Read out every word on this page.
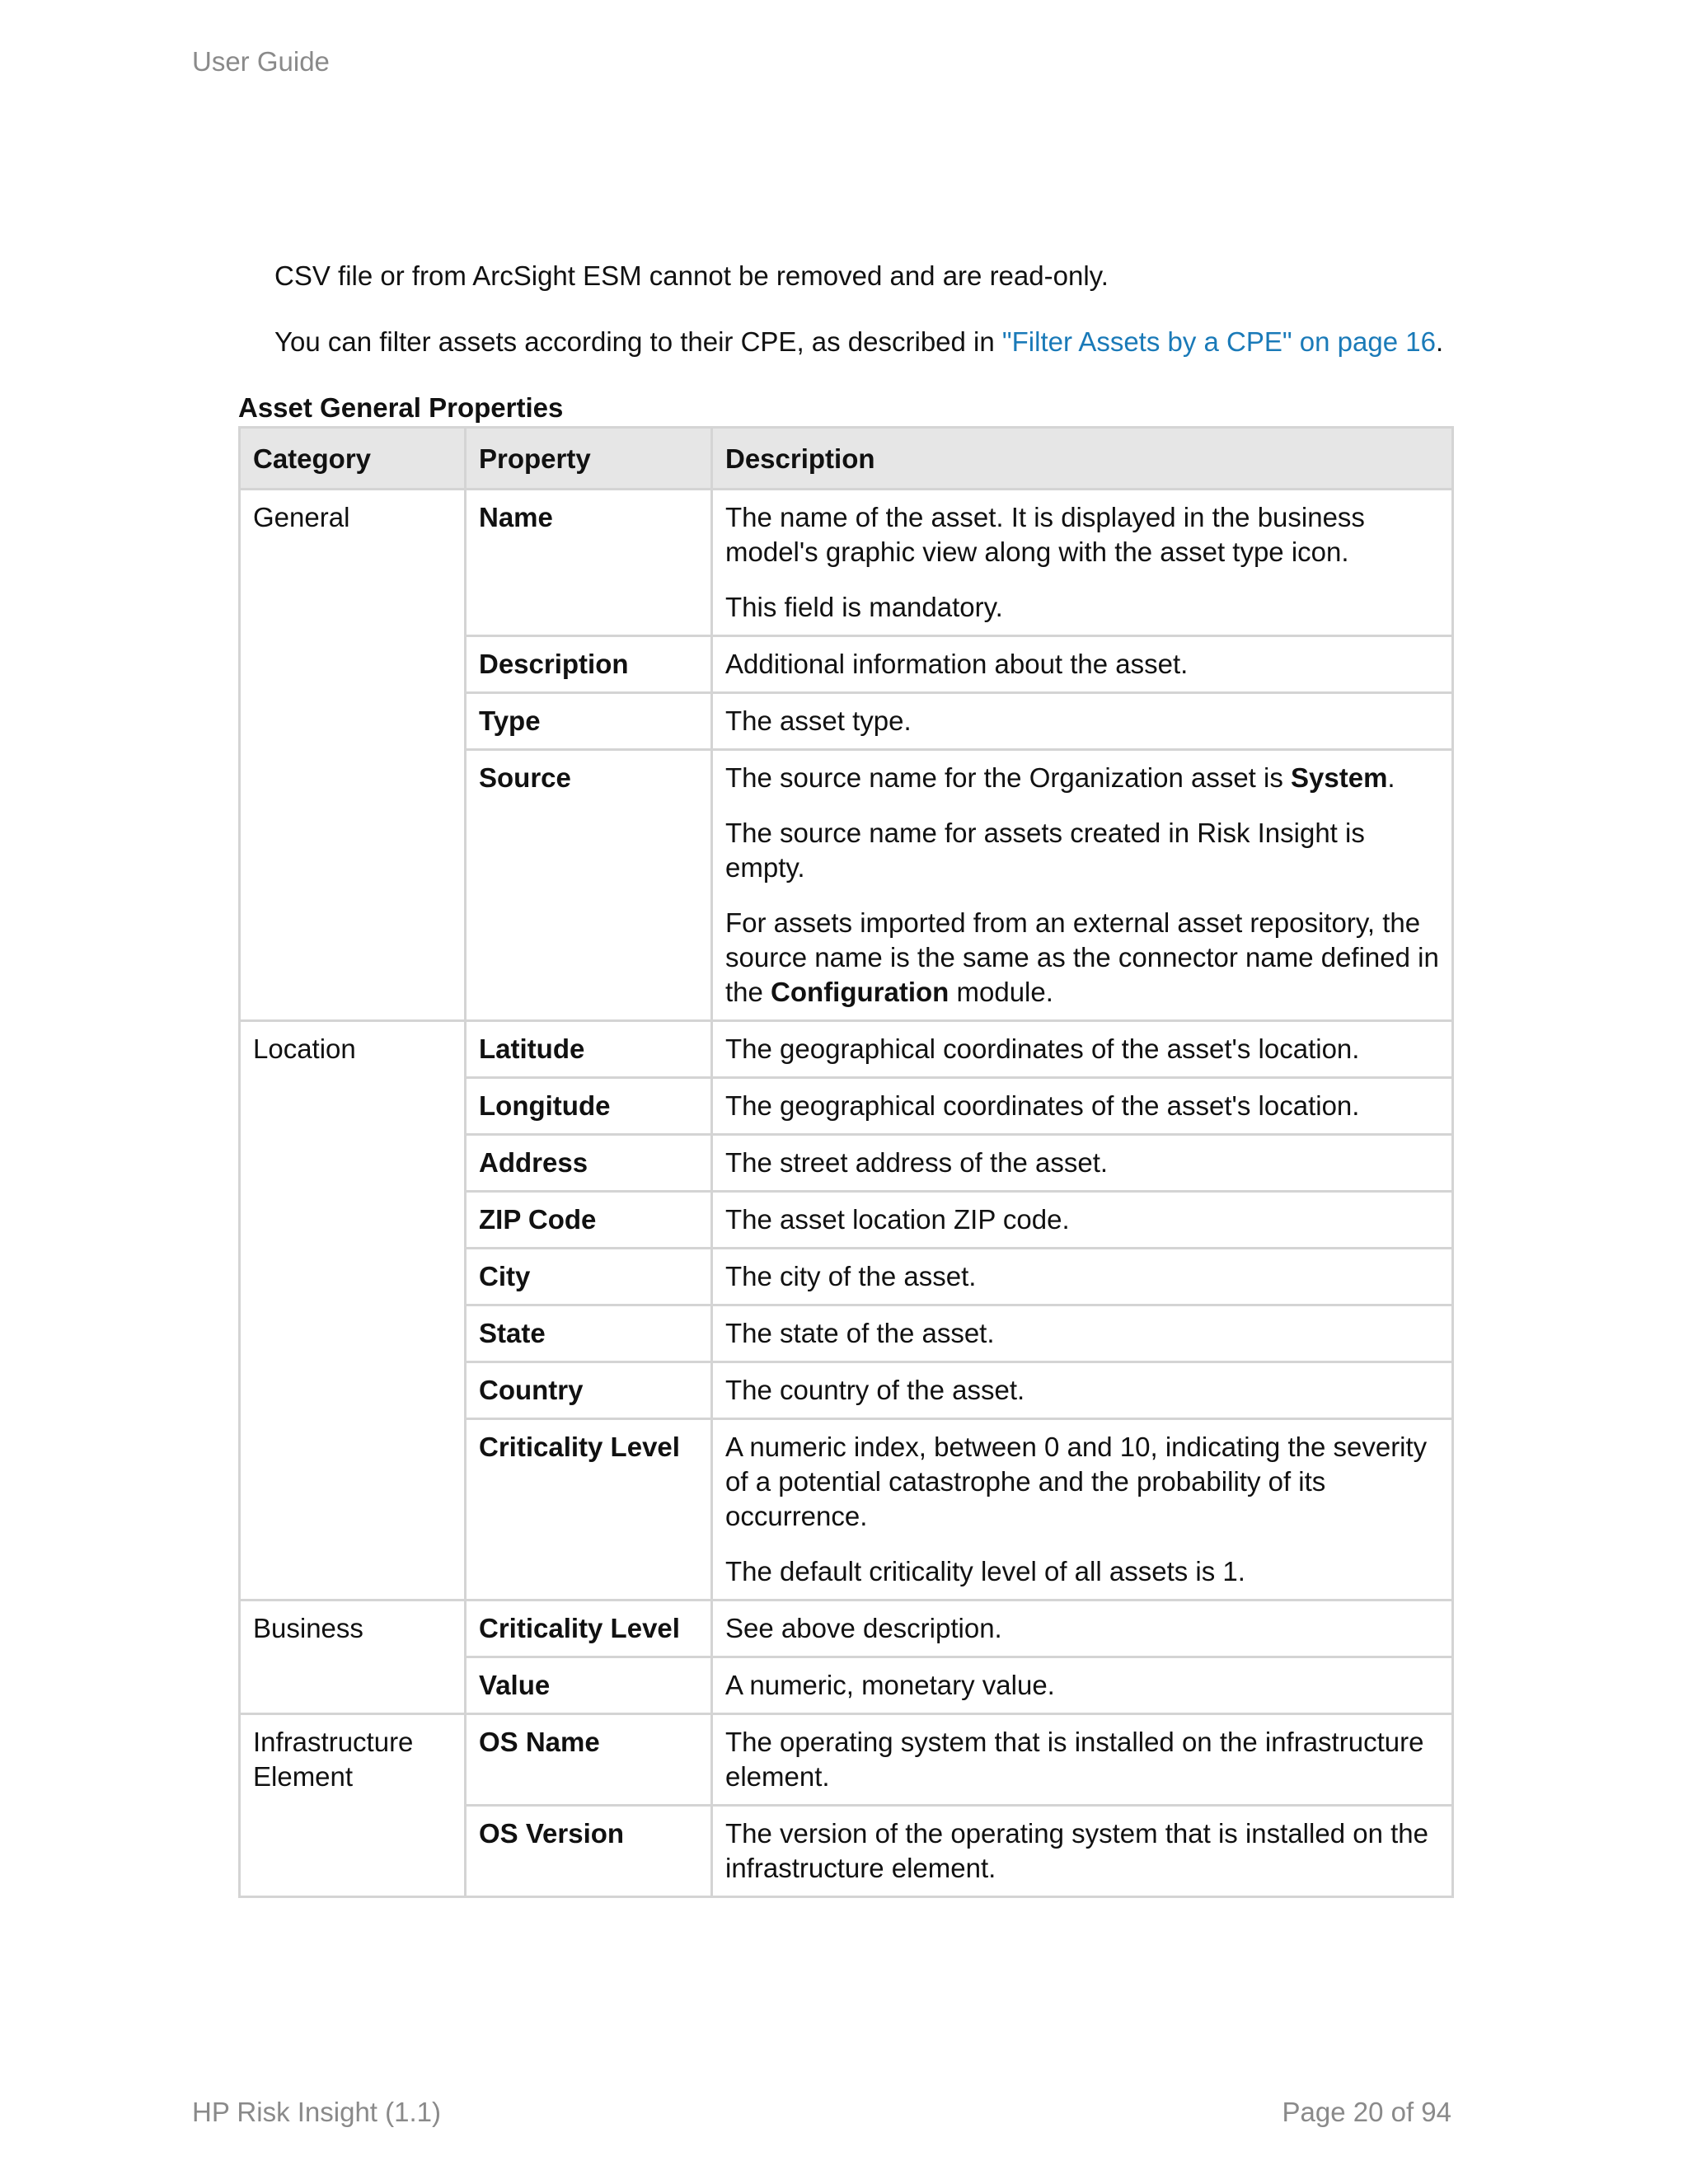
User Guide
CSV file or from ArcSight ESM cannot be removed and are read-only.
You can filter assets according to their CPE, as described in "Filter Assets by a CPE" on page 16.
Asset General Properties
Category	Property	Description
General	Name	The name of the asset. It is displayed in the business model's graphic view along with the asset type icon.

This field is mandatory.

	Description	Additional information about the asset.

	Type	The asset type.

	Source	The source name for the Organization asset is System.

The source name for assets created in Risk Insight is empty.

For assets imported from an external asset repository, the source name is the same as the connector name defined in the Configuration module.

Location	Latitude	The geographical coordinates of the asset's location.

	Longitude	The geographical coordinates of the asset's location.

	Address	The street address of the asset.

	ZIP Code	The asset location ZIP code.

	City	The city of the asset.

	State	The state of the asset.

	Country	The country of the asset.

	Criticality Level	A numeric index, between 0 and 10, indicating the severity of a potential catastrophe and the probability of its occurrence.

The default criticality level of all assets is 1.

Business	Criticality Level	See above description.

	Value	A numeric, monetary value.

Infrastructure Element	OS Name	The operating system that is installed on the infrastructure element.

	OS Version	The version of the operating system that is installed on the infrastructure element.

HP Risk Insight (1.1)	Page 20 of 94
